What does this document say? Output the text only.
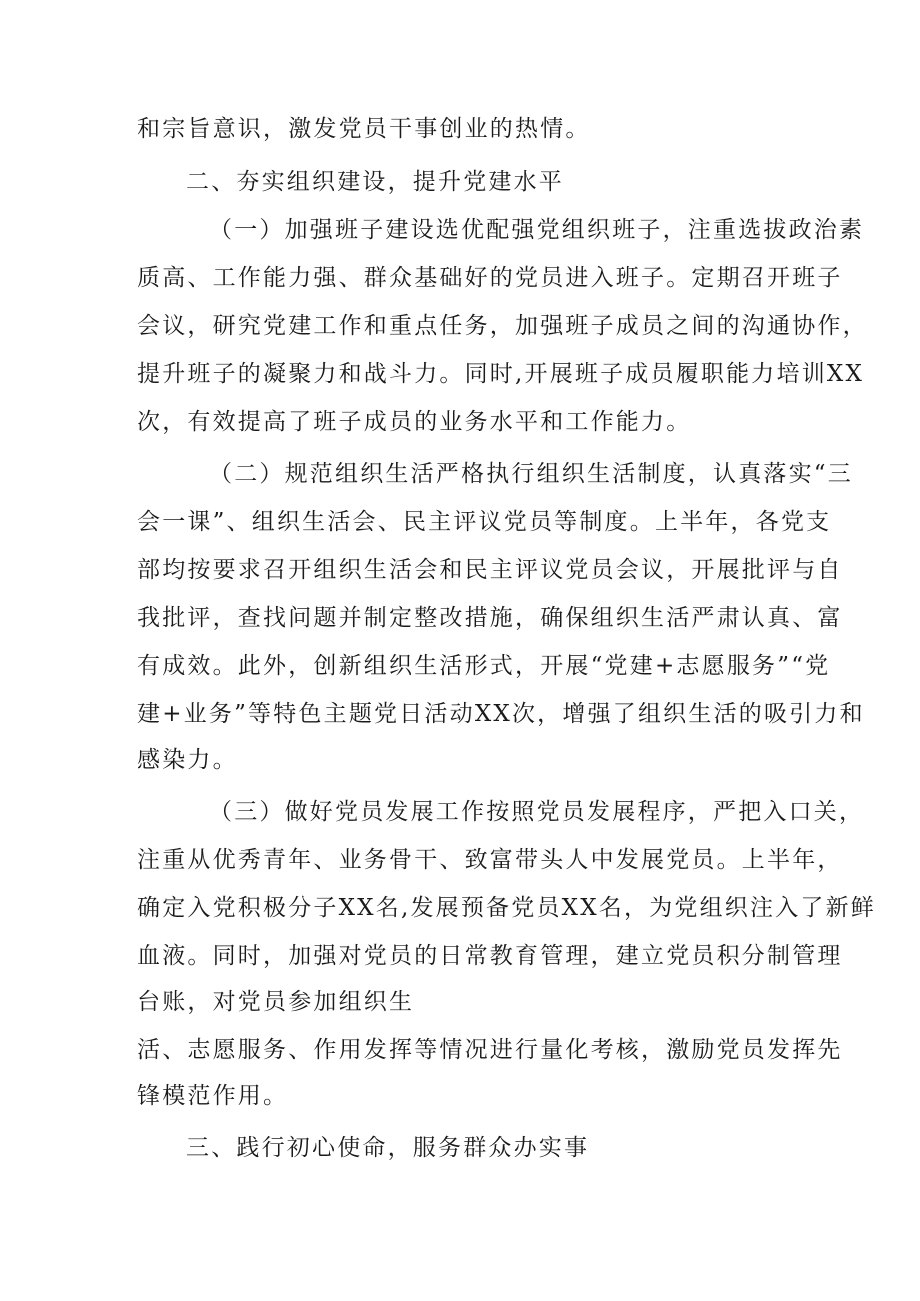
和宗旨意识，激发党员干事创业的热情。
二、夯实组织建设，提升党建水平
（一）加强班子建设选优配强党组织班子，注重选拔政治素
质高、工作能力强、群众基础好的党员进入班子。定期召开班子
会议，研究党建工作和重点任务，加强班子成员之间的沟通协作，
提升班子的凝聚力和战斗力。同时,开展班子成员履职能力培训XX
次，有效提高了班子成员的业务水平和工作能力。
（二）规范组织生活严格执行组织生活制度，认真落实“三
会一课”、组织生活会、民主评议党员等制度。上半年，各党支
部均按要求召开组织生活会和民主评议党员会议，开展批评与自
我批评，查找问题并制定整改措施，确保组织生活严肃认真、富
有成效。此外，创新组织生活形式，开展“党建+志愿服务”“党
建+业务”等特色主题党日活动XX次，增强了组织生活的吸引力和
感染力。
（三）做好党员发展工作按照党员发展程序，严把入口关，
注重从优秀青年、业务骨干、致富带头人中发展党员。上半年，
确定入党积极分子XX名,发展预备党员XX名，为党组织注入了新鲜
血液。同时，加强对党员的日常教育管理，建立党员积分制管理
台账，对党员参加组织生
活、志愿服务、作用发挥等情况进行量化考核，激励党员发挥先
锋模范作用。
三、践行初心使命，服务群众办实事
